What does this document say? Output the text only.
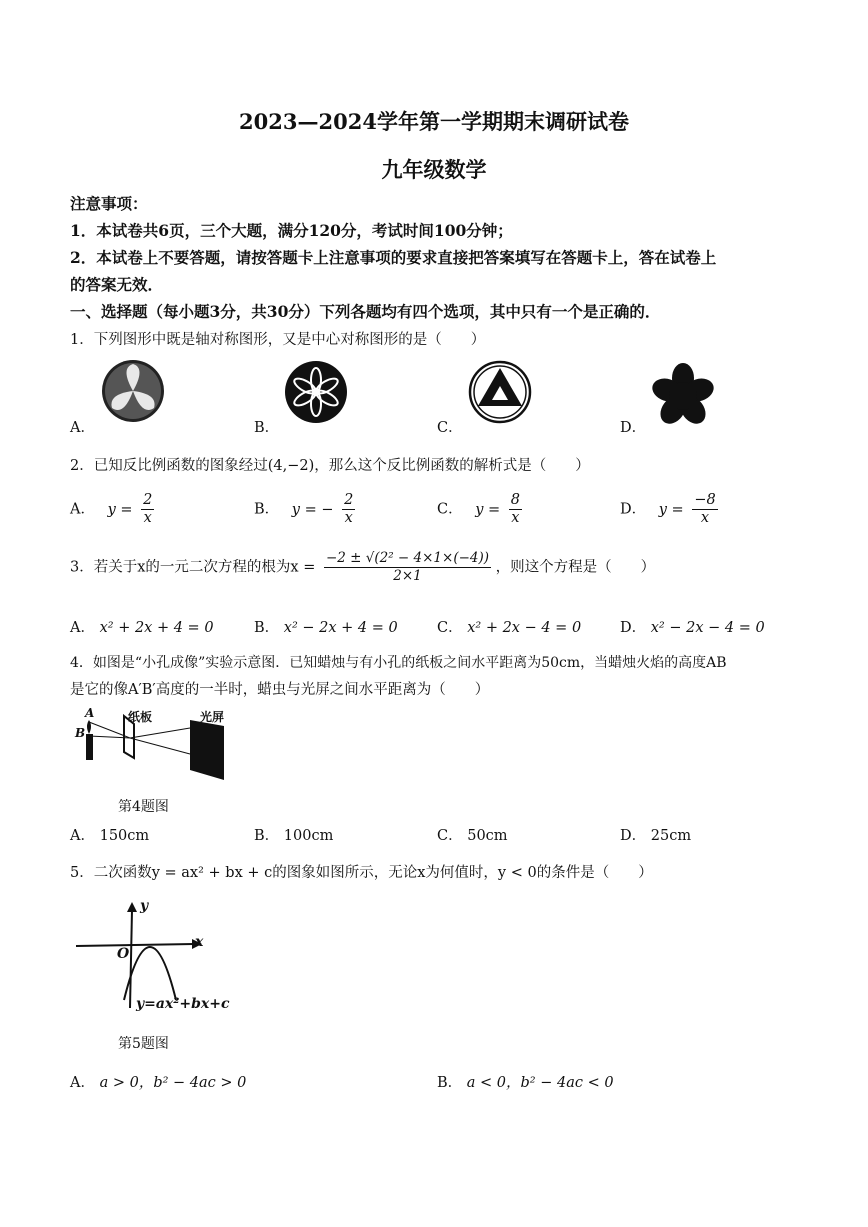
2023—2024学年第一学期期末调研试卷
九年级数学
注意事项：
1．本试卷共6页，三个大题，满分120分，考试时间100分钟；
2．本试卷上不要答题，请按答题卡上注意事项的要求直接把答案填写在答题卡上，答在试卷上
的答案无效．
一、选择题（每小题3分，共30分）下列各题均有四个选项，其中只有一个是正确的．
1．下列图形中既是轴对称图形，又是中心对称图形的是（　　）
A．	B．	C．	D．
2．已知反比例函数的图象经过(4,−2)，那么这个反比例函数的解析式是（　　）
A． $y = \frac{2}{x}$	B． y = − $\frac{2}{x}$	C． $y = \frac{8}{x}$	D． $y = \frac{-8}{x}$
3．若关于x的一元二次方程的根为$x = \frac{\text{−2 ± √(2² − 4×1×(−4))}}{2\times 1}$ ，则这个方程是（　　）
A． x² + 2x + 4 = 0	B． x² − 2x + 4 = 0	C． x² + 2x − 4 = 0	D． x² − 2x − 4 = 0
4．如图是“小孔成像”实验示意图．已知蜡烛与有小孔的纸板之间水平距离为50cm，当蜡烛火焰的高度AB
是它的像A′B′高度的一半时，蜡虫与光屏之间水平距离为（　　）
A
B
纸板	光屏
第4题图
A． 150cm	B． 100cm	C． 50cm	D． 25cm
5．二次函数y = ax² + bx + c的图象如图所示，无论x为何值时，y < 0的条件是（　　）
y
x
O
y=ax²+bx+c
第5题图
A． a > 0，b² − 4ac > 0	B． a < 0，b² − 4ac < 0
